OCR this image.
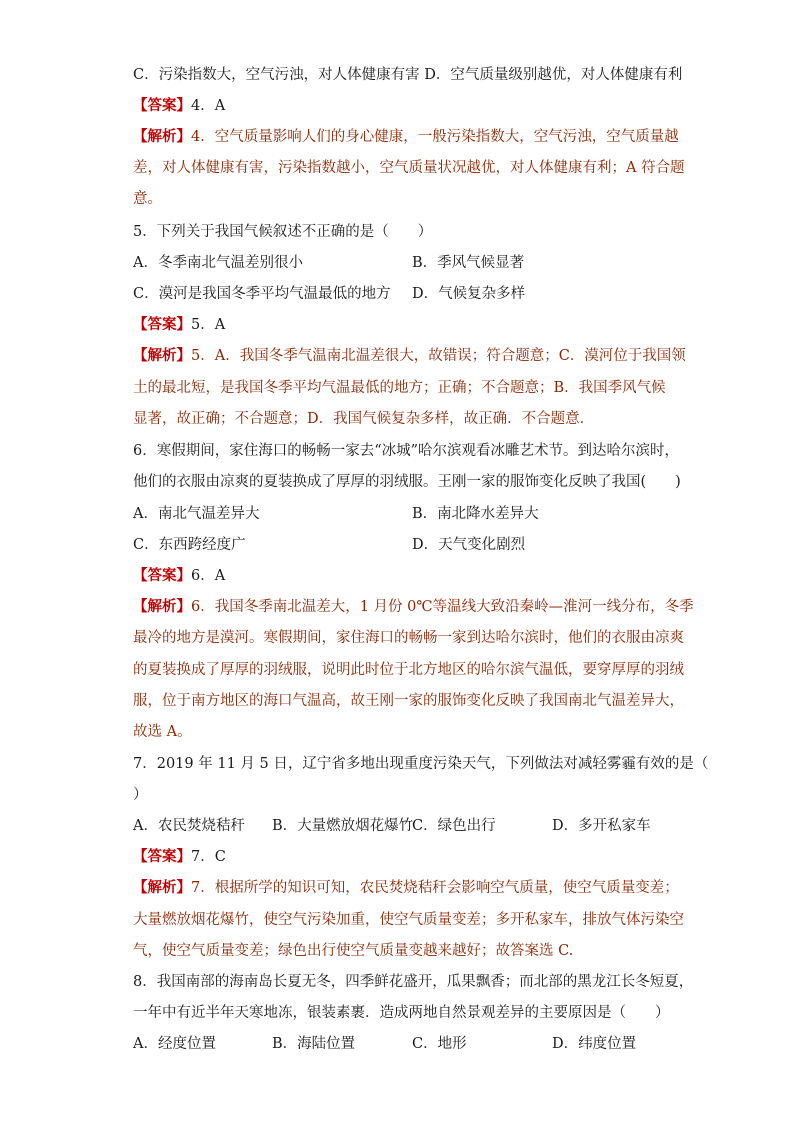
C．污染指数大，空气污浊，对人体健康有害 D．空气质量级别越优，对人体健康有利
【答案】4．A
【解析】4．空气质量影响人们的身心健康，一般污染指数大，空气污浊，空气质量越
差，对人体健康有害，污染指数越小，空气质量状况越优，对人体健康有利；A 符合题
意。
5．下列关于我国气候叙述不正确的是（　　）
A．冬季南北气温差别很小	B．季风气候显著
C．漠河是我国冬季平均气温最低的地方 D．气候复杂多样
【答案】5．A
【解析】5．A．我国冬季气温南北温差很大，故错误；符合题意；C．漠河位于我国领
土的最北短，是我国冬季平均气温最低的地方；正确；不合题意；B．我国季风气候
显著，故正确；不合题意；D．我国气候复杂多样，故正确．不合题意．
6．寒假期间，家住海口的畅畅一家去“冰城”哈尔滨观看冰雕艺术节。到达哈尔滨时，
他们的衣服由凉爽的夏装换成了厚厚的羽绒服。王刚一家的服饰变化反映了我国(　　)
A．南北气温差异大	B．南北降水差异大
C．东西跨经度广	D．天气变化剧烈
【答案】6．A
【解析】6．我国冬季南北温差大，1 月份 0℃等温线大致沿秦岭—淮河一线分布，冬季
最冷的地方是漠河。寒假期间，家住海口的畅畅一家到达哈尔滨时，他们的衣服由凉爽
的夏装换成了厚厚的羽绒服，说明此时位于北方地区的哈尔滨气温低，要穿厚厚的羽绒
服，位于南方地区的海口气温高，故王刚一家的服饰变化反映了我国南北气温差异大，
故选 A。
7．2019 年 11 月 5 日，辽宁省多地出现重度污染天气，下列做法对减轻雾霾有效的是（
）
A．农民焚烧秸秆 B．大量燃放烟花爆竹
C．绿色出行	D．多开私家车
【答案】7．C
【解析】7．根据所学的知识可知，农民焚烧秸秆会影响空气质量，使空气质量变差；
大量燃放烟花爆竹，使空气污染加重，使空气质量变差；多开私家车，排放气体污染空
气，使空气质量变差；绿色出行使空气质量变越来越好；故答案选 C.
8．我国南部的海南岛长夏无冬，四季鲜花盛开，瓜果飘香；而北部的黑龙江长冬短夏，
一年中有近半年天寒地冻，银装素裹．造成两地自然景观差异的主要原因是（　　）
A．经度位置	B．海陆位置	C．地形	D．纬度位置
